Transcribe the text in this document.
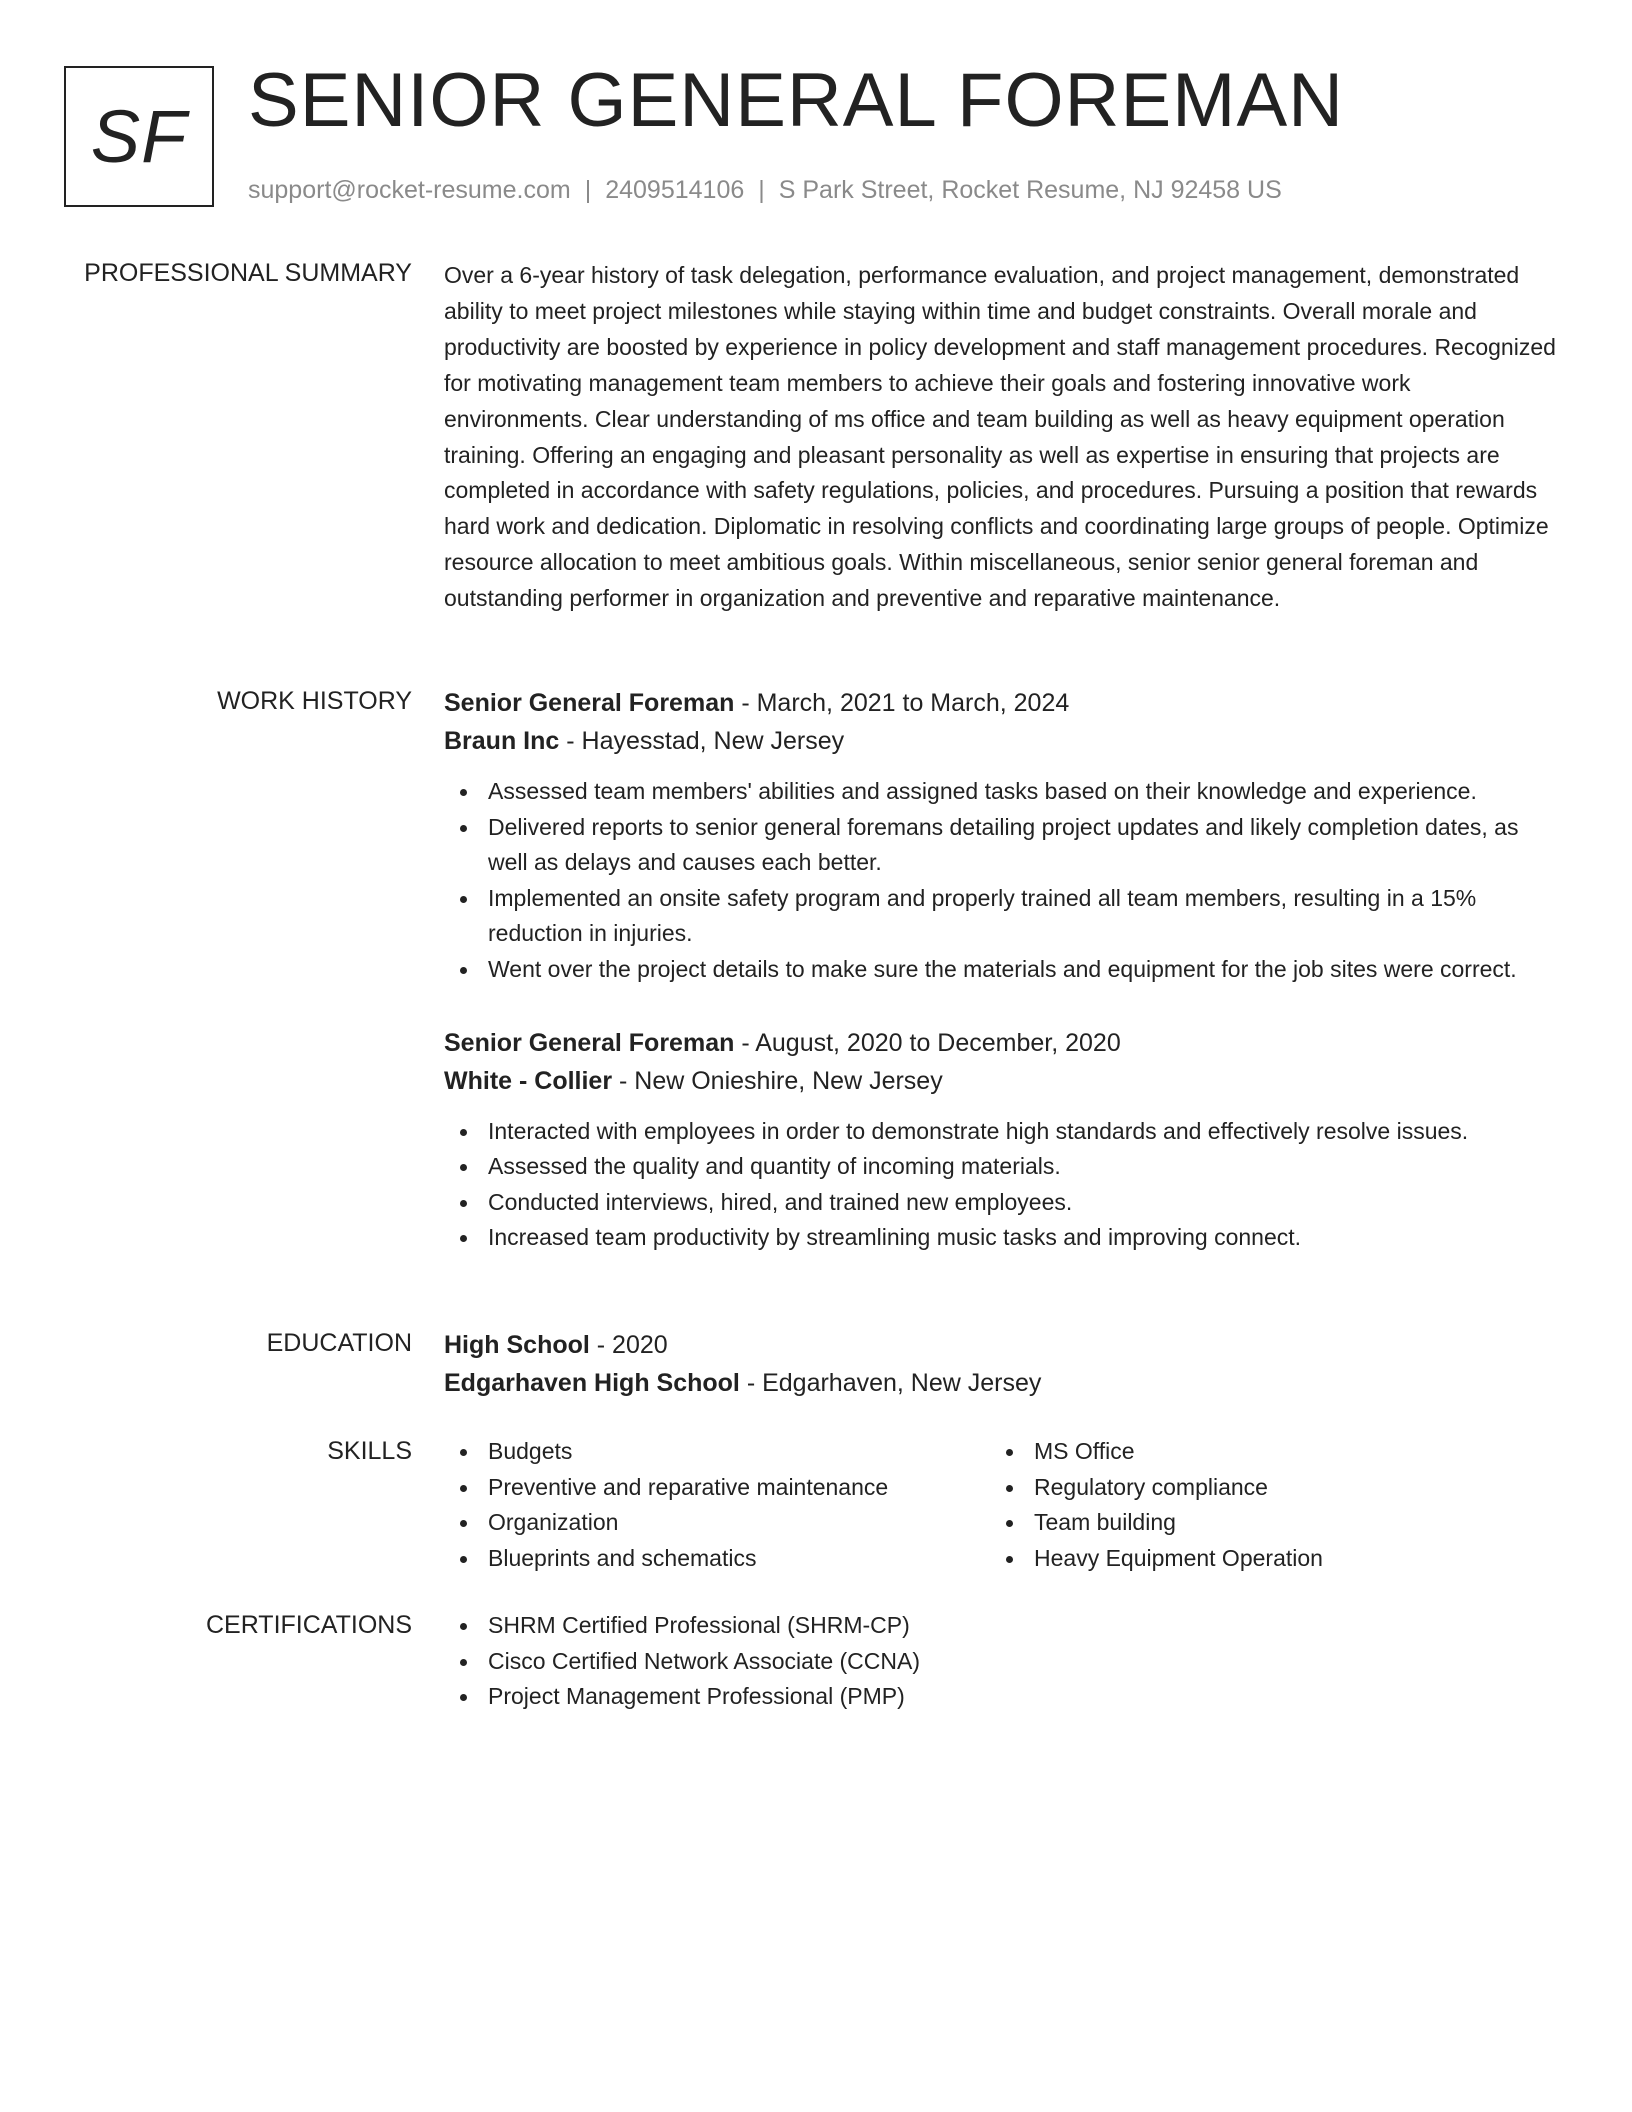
SF SENIOR GENERAL FOREMAN
support@rocket-resume.com | 2409514106 | S Park Street, Rocket Resume, NJ 92458 US
PROFESSIONAL SUMMARY Over a 6-year history of task delegation, performance evaluation, and project management, demonstrated ability to meet project milestones while staying within time and budget constraints. Overall morale and productivity are boosted by experience in policy development and staff management procedures. Recognized for motivating management team members to achieve their goals and fostering innovative work environments. Clear understanding of ms office and team building as well as heavy equipment operation training. Offering an engaging and pleasant personality as well as expertise in ensuring that projects are completed in accordance with safety regulations, policies, and procedures. Pursuing a position that rewards hard work and dedication. Diplomatic in resolving conflicts and coordinating large groups of people. Optimize resource allocation to meet ambitious goals. Within miscellaneous, senior senior general foreman and outstanding performer in organization and preventive and reparative maintenance.

WORK HISTORY Senior General Foreman - March, 2021 to March, 2024
Braun Inc - Hayesstad, New Jersey
Assessed team members' abilities and assigned tasks based on their knowledge and experience.
Delivered reports to senior general foremans detailing project updates and likely completion dates, as well as delays and causes each better.
Implemented an onsite safety program and properly trained all team members, resulting in a 15% reduction in injuries.
Went over the project details to make sure the materials and equipment for the job sites were correct.
Senior General Foreman - August, 2020 to December, 2020
White - Collier - New Onieshire, New Jersey
Interacted with employees in order to demonstrate high standards and effectively resolve issues.
Assessed the quality and quantity of incoming materials.
Conducted interviews, hired, and trained new employees.
Increased team productivity by streamlining music tasks and improving connect.
EDUCATION High School - 2020
Edgarhaven High School - Edgarhaven, New Jersey
SKILLS	Budgets
Preventive and reparative maintenance
Organization
Blueprints and schematics
MS Office
Regulatory compliance
Team building
Heavy Equipment Operation
CERTIFICATIONS	SHRM Certified Professional (SHRM-CP)
Cisco Certified Network Associate (CCNA)
Project Management Professional (PMP)
